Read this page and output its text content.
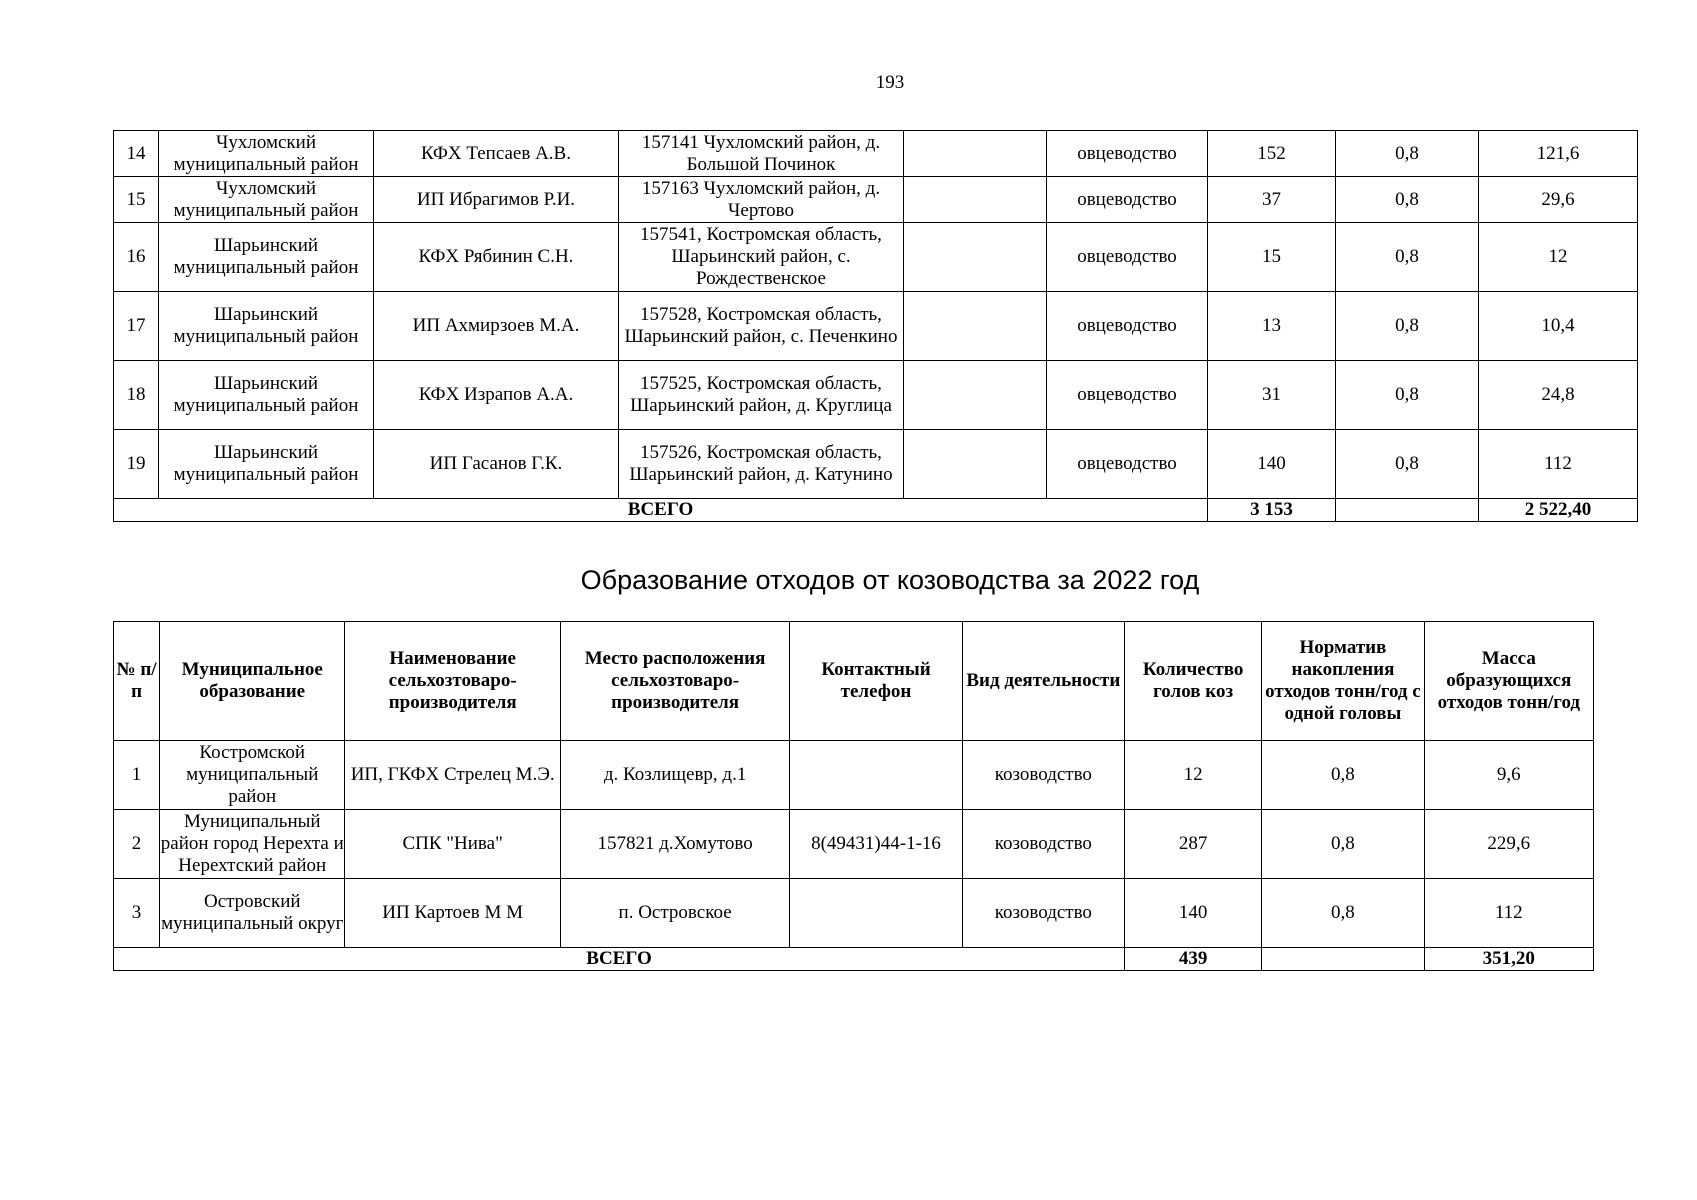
193
14	Чухломский муниципальный район	КФХ Тепсаев А.В.	157141 Чухломский район, д. Большой Починок		овцеводство	152	0,8	121,6
15	Чухломский муниципальный район	ИП Ибрагимов Р.И.	157163 Чухломский район, д. Чертово		овцеводство	37	0,8	29,6
16	Шарьинский муниципальный район	КФХ Рябинин С.Н.	157541, Костромская область, Шарьинский район, с. Рождественское		овцеводство	15	0,8	12
17	Шарьинский муниципальный район	ИП Ахмирзоев М.А.	157528, Костромская область, Шарьинский район, с. Печенкино		овцеводство	13	0,8	10,4
18	Шарьинский муниципальный район	КФХ Израпов А.А.	157525, Костромская область, Шарьинский район, д. Круглица		овцеводство	31	0,8	24,8
19	Шарьинский муниципальный район	ИП Гасанов Г.К.	157526, Костромская область, Шарьинский район, д. Катунино		овцеводство	140	0,8	112
ВСЕГО						3 153		2 522,40
Образование отходов от козоводства за 2022 год
№ п/п	Муниципальное образование	Наименование сельхозтоваро-производителя	Место расположения сельхозтоваро-производителя	Контактный телефон	Вид деятельности	Количество голов коз	Норматив накопления отходов тонн/год с одной головы	Масса образующихся отходов тонн/год
1	Костромской муниципальный район	ИП, ГКФХ Стрелец М.Э.	д. Козлищевр, д.1		козоводство	12	0,8	9,6
2	Муниципальный район город Нерехта и Нерехтский район	СПК "Нива"	157821 д.Хомутово	8(49431)44-1-16	козоводство	287	0,8	229,6
3	Островский муниципальный округ	ИП Картоев М М	п. Островское		козоводство	140	0,8	112
ВСЕГО						439		351,20
